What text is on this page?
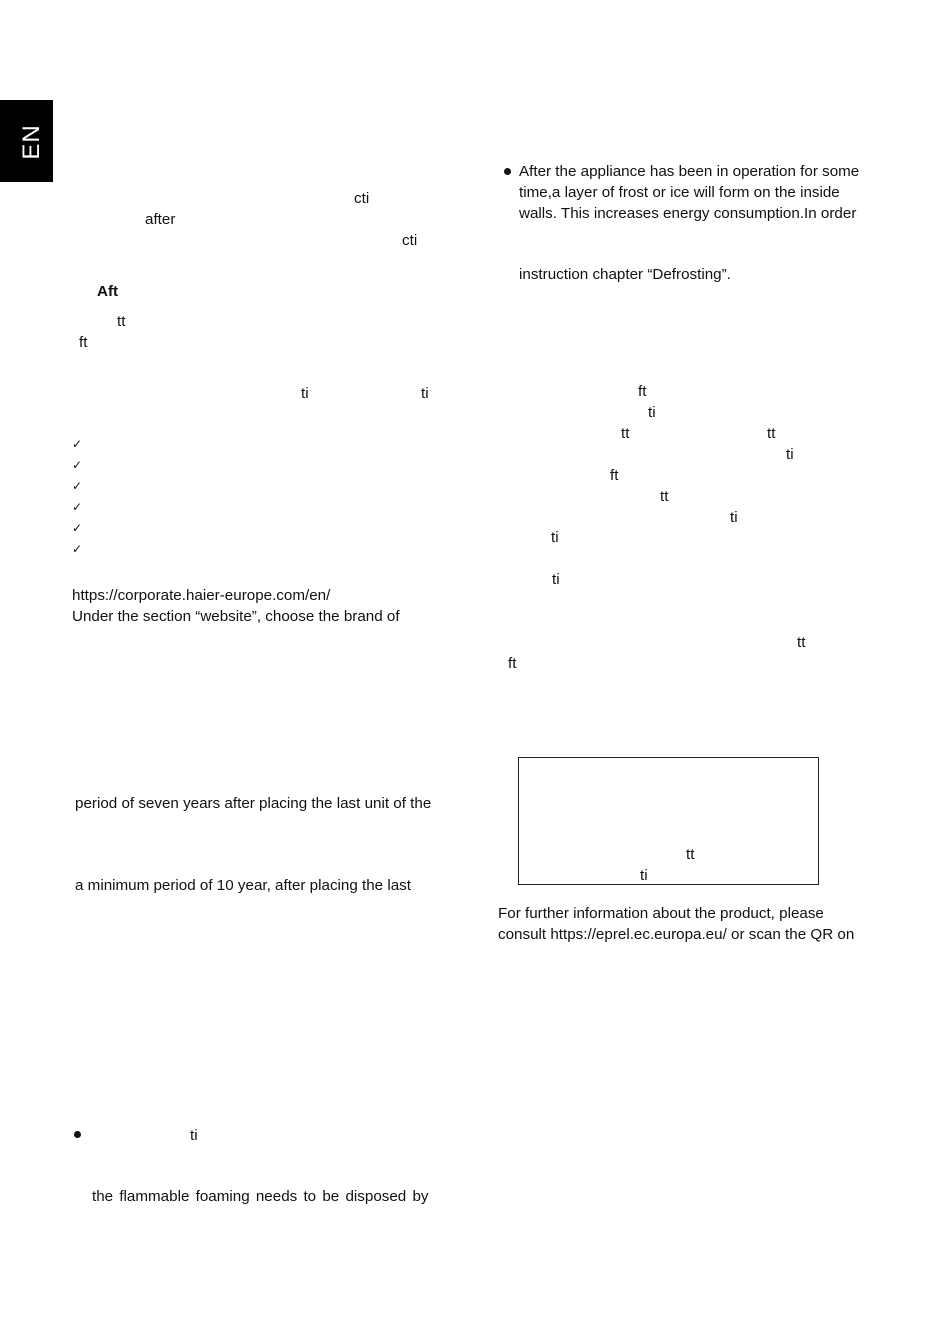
EN
cti
after
cti
Aft
tt
ft
ti	ti
✓
✓
✓
✓
✓
✓
https://corporate.haier-europe.com/en/
Under the section “website”, choose the brand of
period of seven years after placing the last unit of the
a minimum period of 10 year, after placing the last
ti
the flammable foaming needs to be disposed by
After the appliance has been in operation for some
time,a layer of frost or ice will form on the inside
walls. This increases energy consumption.In order
instruction chapter “Defrosting”.
ft
ti
tt	tt
ti
ft
tt
ti
ti
ti
tt
ft
tt
ti
For further information about the product, please
consult https://eprel.ec.europa.eu/ or scan the QR on
